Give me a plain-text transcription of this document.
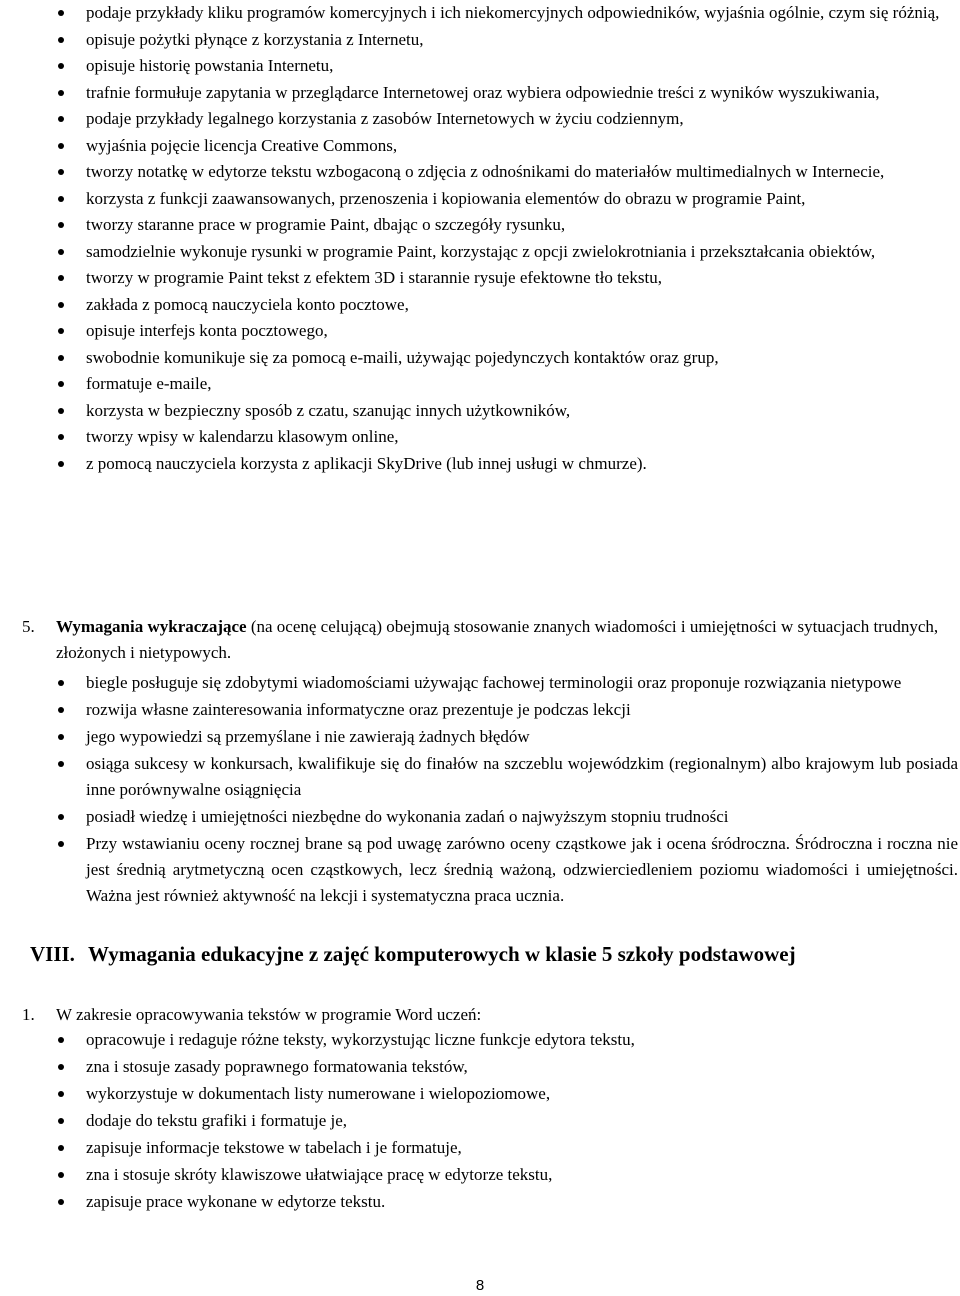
podaje przykłady kliku programów komercyjnych i ich niekomercyjnych odpowiedników, wyjaśnia ogólnie, czym się różnią,
opisuje pożytki płynące z korzystania z Internetu,
opisuje historię powstania Internetu,
trafnie formułuje zapytania w przeglądarce Internetowej oraz wybiera odpowiednie treści z wyników wyszukiwania,
podaje przykłady legalnego korzystania z zasobów Internetowych w życiu codziennym,
wyjaśnia pojęcie licencja Creative Commons,
tworzy notatkę w edytorze tekstu wzbogaconą o zdjęcia z odnośnikami do materiałów multimedialnych w Internecie,
korzysta z funkcji zaawansowanych, przenoszenia i kopiowania elementów do obrazu w programie Paint,
tworzy staranne prace w programie Paint, dbając o szczegóły rysunku,
samodzielnie wykonuje rysunki w programie Paint, korzystając z opcji zwielokrotniania i przekształcania obiektów,
tworzy w programie Paint tekst z efektem 3D i starannie rysuje efektowne tło tekstu,
zakłada z pomocą nauczyciela konto pocztowe,
opisuje interfejs konta pocztowego,
swobodnie komunikuje się za pomocą e-maili, używając pojedynczych kontaktów oraz grup,
formatuje e-maile,
korzysta w bezpieczny sposób z czatu, szanując innych użytkowników,
tworzy wpisy w kalendarzu klasowym online,
z pomocą nauczyciela korzysta z aplikacji SkyDrive (lub innej usługi w chmurze).
5. Wymagania wykraczające (na ocenę celującą) obejmują stosowanie znanych wiadomości i umiejętności w sytuacjach trudnych, złożonych i nietypowych.
biegle posługuje się zdobytymi wiadomościami używając fachowej terminologii oraz proponuje rozwiązania nietypowe
rozwija własne zainteresowania informatyczne oraz prezentuje je podczas lekcji
jego wypowiedzi są przemyślane i nie zawierają żadnych błędów
osiąga sukcesy w konkursach, kwalifikuje się do finałów na szczeblu wojewódzkim (regionalnym) albo krajowym lub posiada inne porównywalne osiągnięcia
posiadł wiedzę i umiejętności niezbędne do wykonania zadań o najwyższym stopniu trudności
Przy wstawianiu oceny rocznej brane są pod uwagę zarówno oceny cząstkowe jak i ocena śródroczna. Śródroczna i roczna nie jest średnią arytmetyczną ocen cząstkowych, lecz średnią ważoną, odzwierciedleniem poziomu wiadomości i umiejętności. Ważna jest również aktywność na lekcji i systematyczna praca ucznia.
VIII. Wymagania edukacyjne z zajęć komputerowych w klasie 5 szkoły podstawowej
1. W zakresie opracowywania tekstów w programie Word uczeń:
opracowuje i redaguje różne teksty, wykorzystując liczne funkcje edytora tekstu,
zna i stosuje zasady poprawnego formatowania tekstów,
wykorzystuje w dokumentach listy numerowane i wielopoziomowe,
dodaje do tekstu grafiki i formatuje je,
zapisuje informacje tekstowe w tabelach i je formatuje,
zna i stosuje skróty klawiszowe ułatwiające pracę w edytorze tekstu,
zapisuje prace wykonane w edytorze tekstu.
8
